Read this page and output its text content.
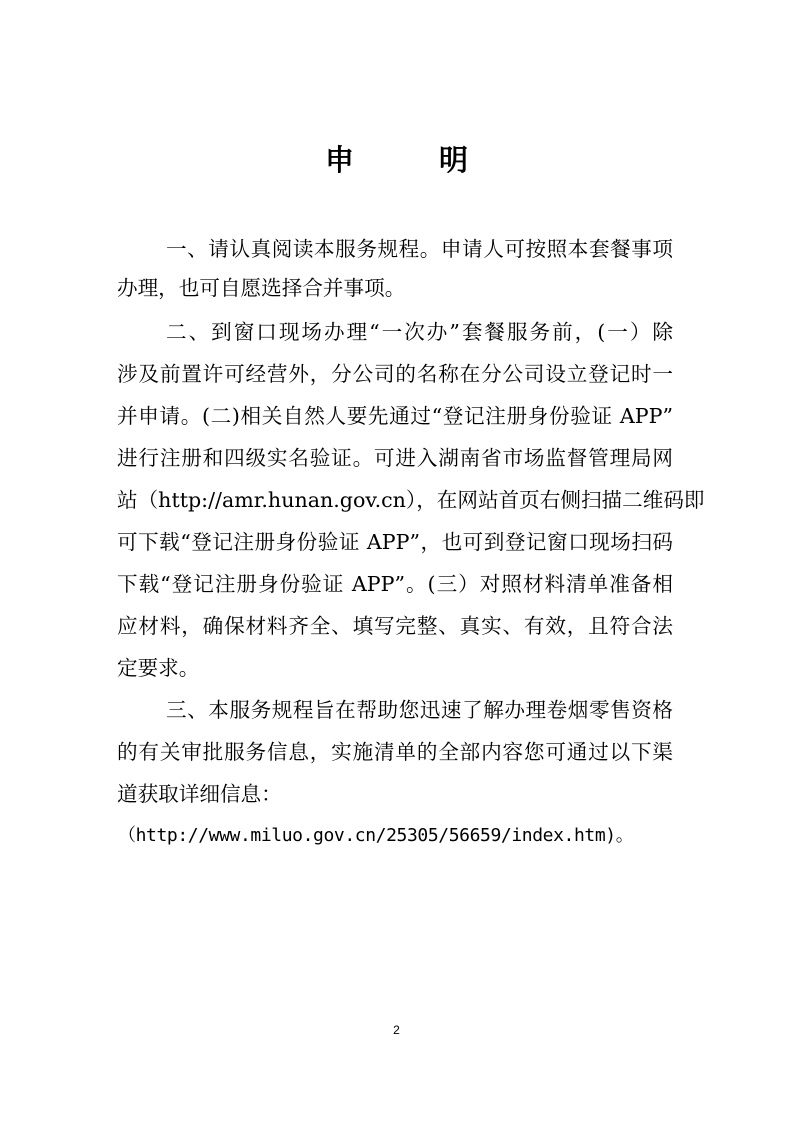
申　明

一、请认真阅读本服务规程。申请人可按照本套餐事项

办理，也可自愿选择合并事项。

二、到窗口现场办理“一次办”套餐服务前，(一）除

涉及前置许可经营外，分公司的名称在分公司设立登记时一

并申请。(二)相关自然人要先通过“登记注册身份验证 APP”

进行注册和四级实名验证。可进入湖南省市场监督管理局网

站（http://amr.hunan.gov.cn），在网站首页右侧扫描二维码即

可下载“登记注册身份验证 APP”，也可到登记窗口现场扫码

下载“登记注册身份验证 APP”。(三）对照材料清单准备相

应材料，确保材料齐全、填写完整、真实、有效，且符合法

定要求。

三、本服务规程旨在帮助您迅速了解办理卷烟零售资格

的有关审批服务信息，实施清单的全部内容您可通过以下渠

道获取详细信息：

（http://www.miluo.gov.cn/25305/56659/index.htm)。

2
